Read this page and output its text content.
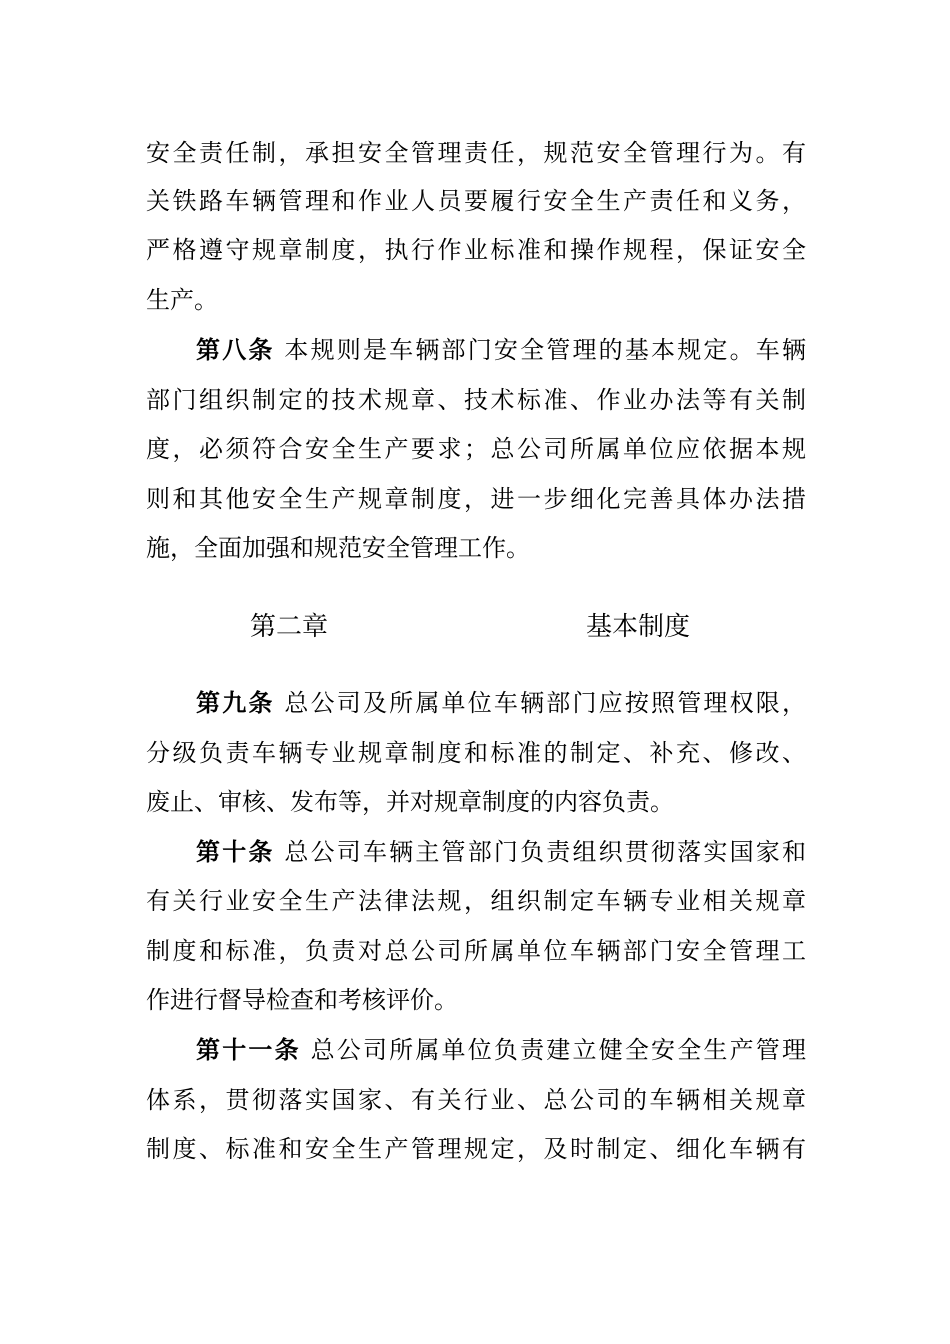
安全责任制，承担安全管理责任，规范安全管理行为。有
关铁路车辆管理和作业人员要履行安全生产责任和义务，
严格遵守规章制度，执行作业标准和操作规程，保证安全
生产。
第八条 本规则是车辆部门安全管理的基本规定。车辆
部门组织制定的技术规章、技术标准、作业办法等有关制
度，必须符合安全生产要求；总公司所属单位应依据本规
则和其他安全生产规章制度，进一步细化完善具体办法措
施，全面加强和规范安全管理工作。
第二章	基本制度
第九条 总公司及所属单位车辆部门应按照管理权限，
分级负责车辆专业规章制度和标准的制定、补充、修改、
废止、审核、发布等，并对规章制度的内容负责。
第十条 总公司车辆主管部门负责组织贯彻落实国家和
有关行业安全生产法律法规，组织制定车辆专业相关规章
制度和标准，负责对总公司所属单位车辆部门安全管理工
作进行督导检查和考核评价。
第十一条 总公司所属单位负责建立健全安全生产管理
体系，贯彻落实国家、有关行业、总公司的车辆相关规章
制度、标准和安全生产管理规定，及时制定、细化车辆有
